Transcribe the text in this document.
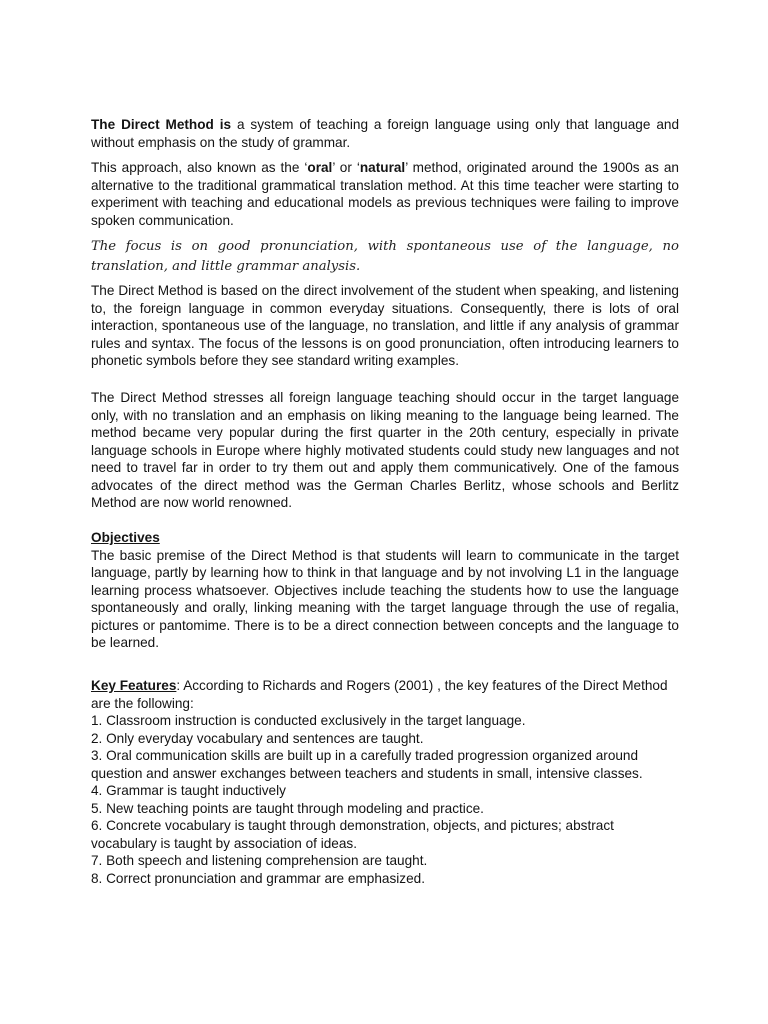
The Direct Method is a system of teaching a foreign language using only that language and without emphasis on the study of grammar.

This approach, also known as the ‘oral’ or ‘natural’ method, originated around the 1900s as an alternative to the traditional grammatical translation method. At this time teacher were starting to experiment with teaching and educational models as previous techniques were failing to improve spoken communication.

The focus is on good pronunciation, with spontaneous use of the language, no translation, and little grammar analysis.

The Direct Method is based on the direct involvement of the student when speaking, and listening to, the foreign language in common everyday situations. Consequently, there is lots of oral interaction, spontaneous use of the language, no translation, and little if any analysis of grammar rules and syntax. The focus of the lessons is on good pronunciation, often introducing learners to phonetic symbols before they see standard writing examples.

The Direct Method stresses all foreign language teaching should occur in the target language only, with no translation and an emphasis on liking meaning to the language being learned. The method became very popular during the first quarter in the 20th century, especially in private language schools in Europe where highly motivated students could study new languages and not need to travel far in order to try them out and apply them communicatively. One of the famous advocates of the direct method was the German Charles Berlitz, whose schools and Berlitz Method are now world renowned.

Objectives
The basic premise of the Direct Method is that students will learn to communicate in the target language, partly by learning how to think in that language and by not involving L1 in the language learning process whatsoever. Objectives include teaching the students how to use the language spontaneously and orally, linking meaning with the target language through the use of regalia, pictures or pantomime. There is to be a direct connection between concepts and the language to be learned.
Key Features: According to Richards and Rogers (2001) , the key features of the Direct Method are the following:
1. Classroom instruction is conducted exclusively in the target language.
2. Only everyday vocabulary and sentences are taught.
3. Oral communication skills are built up in a carefully traded progression organized around question and answer exchanges between teachers and students in small, intensive classes.
4. Grammar is taught inductively
5. New teaching points are taught through modeling and practice.
6. Concrete vocabulary is taught through demonstration, objects, and pictures; abstract vocabulary is taught by association of ideas.
7. Both speech and listening comprehension are taught.
8. Correct pronunciation and grammar are emphasized.
